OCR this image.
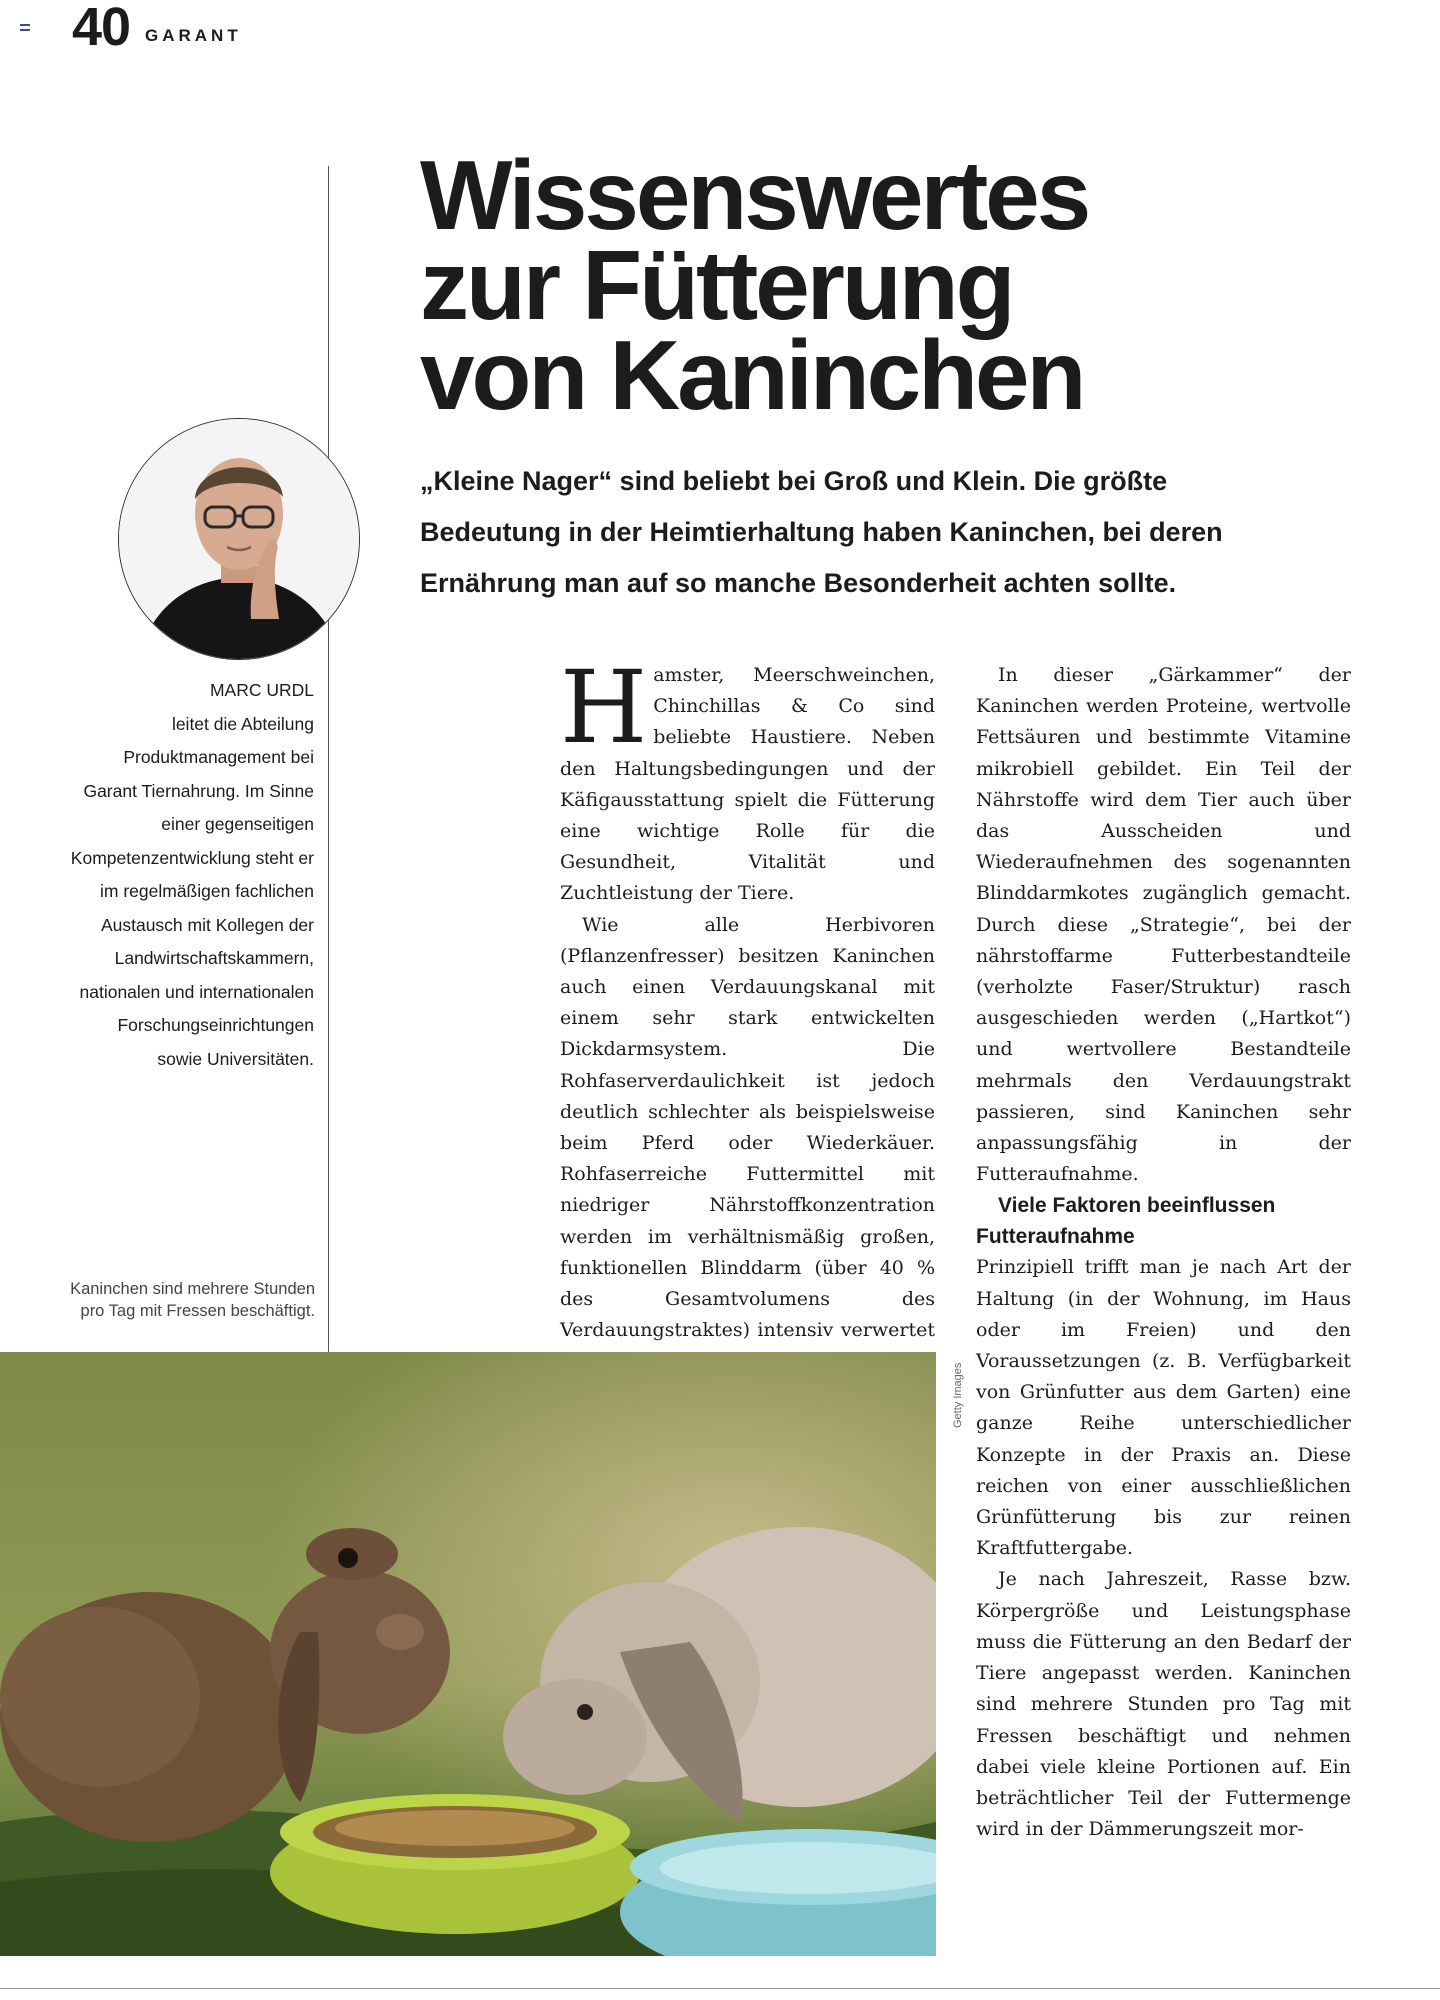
40 GARANT
Wissenswertes
zur Fütterung
von Kaninchen

„Kleine Nager“ sind beliebt bei Groß und Klein. Die größte Bedeutung in der Heimtierhaltung haben Kaninchen, bei deren Ernährung man auf so manche Besonderheit achten sollte.

MARC URDL
leitet die Abteilung Produktmanagement bei Garant Tiernahrung. Im Sinne einer gegenseitigen Kompetenzentwicklung steht er im regelmäßigen fachlichen Austausch mit Kollegen der Landwirtschaftskammern, nationalen und internationalen Forschungseinrichtungen sowie Universitäten.

Kaninchen sind mehrere Stunden pro Tag mit Fressen beschäftigt.

Hamster, Meerschweinchen, Chinchillas & Co sind beliebte Haustiere. Neben den Haltungsbedingungen und der Käfigausstattung spielt die Fütterung eine wichtige Rolle für die Gesundheit, Vitalität und Zuchtleistung der Tiere.

Wie alle Herbivoren (Pflanzenfresser) besitzen Kaninchen auch einen Verdauungskanal mit einem sehr stark entwickelten Dickdarmsystem. Die Rohfaserverdaulichkeit ist jedoch deutlich schlechter als beispielsweise beim Pferd oder Wiederkäuer. Rohfaserreiche Futtermittel mit niedriger Nährstoffkonzentration werden im verhältnismäßig großen, funktionellen Blinddarm (über 40 % des Gesamtvolumens des Verdauungstraktes) intensiv verwertet

In dieser „Gärkammer“ der Kaninchen werden Proteine, wertvolle Fettsäuren und bestimmte Vitamine mikrobiell gebildet. Ein Teil der Nährstoffe wird dem Tier auch über das Ausscheiden und Wiederaufnehmen des sogenannten Blinddarmkotes zugänglich gemacht. Durch diese „Strategie“, bei der nährstoffarme Futterbestandteile (verholzte Faser/Struktur) rasch ausgeschieden werden („Hartkot“) und wertvollere Bestandteile mehrmals den Verdauungstrakt passieren, sind Kaninchen sehr anpassungsfähig in der Futteraufnahme.

Viele Faktoren beeinflussen Futteraufnahme

Prinzipiell trifft man je nach Art der Haltung (in der Wohnung, im Haus oder im Freien) und den Voraussetzungen (z. B. Verfügbarkeit von Grünfutter aus dem Garten) eine ganze Reihe unterschiedlicher Konzepte in der Praxis an. Diese reichen von einer ausschließlichen Grünfütterung bis zur reinen Kraftfuttergabe.

Je nach Jahreszeit, Rasse bzw. Körpergröße und Leistungsphase muss die Fütterung an den Bedarf der Tiere angepasst werden. Kaninchen sind mehrere Stunden pro Tag mit Fressen beschäftigt und nehmen dabei viele kleine Portionen auf. Ein beträchtlicher Teil der Futtermenge wird in der Dämmerungszeit mor-

Getty Images
